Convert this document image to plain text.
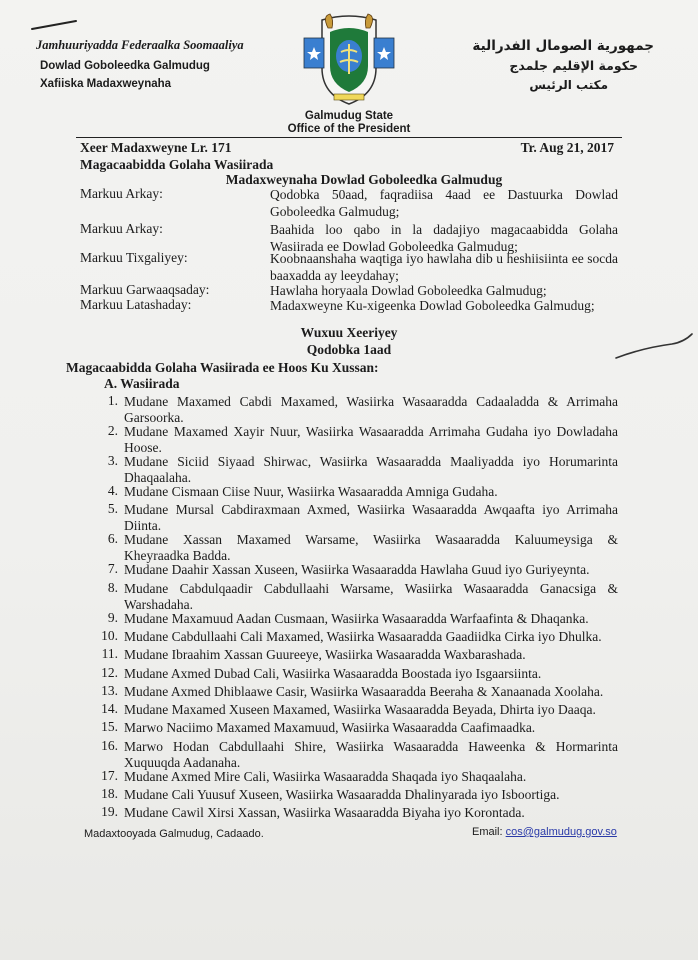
Jamhuuriyadda Federaalka Soomaaliya
Dowlad Goboleedka Galmudug
Xafiiska Madaxweynaha
جمهورية الصومال الفدرالية
حكومة الإقليم جلمدج
مكتب الرئيس
Galmudug State
Office of the President
Xeer Madaxweyne Lr. 171	Tr. Aug 21, 2017
Magacaabidda Golaha Wasiirada
Madaxweynaha Dowlad Goboleedka Galmudug
Markuu Arkay:	Qodobka 50aad, faqradiisa 4aad ee Dastuurka Dowlad Goboleedka Galmudug;
Markuu Arkay:	Baahida loo qabo in la dadajiyo magacaabidda Golaha Wasiirada ee Dowlad Goboleedka Galmudug;
Markuu Tixgaliyey:	Koobnaanshaha waqtiga iyo hawlaha dib u heshiisiinta ee socda baaxadda ay leeydahay;
Markuu Garwaaqsaday:	Hawlaha horyaala Dowlad Goboleedka Galmudug;
Markuu Latashaday:	Madaxweyne Ku-xigeenka Dowlad Goboleedka Galmudug;
Wuxuu Xeeriyey
Qodobka 1aad
Magacaabidda Golaha Wasiirada ee Hoos Ku Xussan:
A. Wasiirada
1. Mudane Maxamed Cabdi Maxamed, Wasiirka Wasaaradda Cadaaladda & Arrimaha
Garsoorka.
2. Mudane Maxamed Xayir Nuur, Wasiirka Wasaaradda Arrimaha Gudaha iyo Dowladaha
Hoose.
3. Mudane Siciid Siyaad Shirwac, Wasiirka Wasaaradda Maaliyadda iyo Horumarinta
Dhaqaalaha.
4. Mudane Cismaan Ciise Nuur, Wasiirka Wasaaradda Amniga Gudaha.
5. Mudane Mursal Cabdiraxmaan Axmed, Wasiirka Wasaaradda Awqaafta iyo Arrimaha
Diinta.
6. Mudane Xassan Maxamed Warsame, Wasiirka Wasaaradda Kaluumeysiga &
Kheyraadka Badda.
7. Mudane Daahir Xassan Xuseen, Wasiirka Wasaaradda Hawlaha Guud iyo Guriyeynta.
8. Mudane Cabdulqaadir Cabdullaahi Warsame, Wasiirka Wasaaradda Ganacsiga &
Warshadaha.
9. Mudane Maxamuud Aadan Cusmaan, Wasiirka Wasaaradda Warfaafinta & Dhaqanka.
10. Mudane Cabdullaahi Cali Maxamed, Wasiirka Wasaaradda Gaadiidka Cirka iyo Dhulka.
11. Mudane Ibraahim Xassan Guureeye, Wasiirka Wasaaradda Waxbarashada.
12. Mudane Axmed Dubad Cali, Wasiirka Wasaaradda Boostada iyo Isgaarsiinta.
13. Mudane Axmed Dhiblaawe Casir, Wasiirka Wasaaradda Beeraha & Xanaanada Xoolaha.
14. Mudane Maxamed Xuseen Maxamed, Wasiirka Wasaaradda Beyada, Dhirta iyo Daaqa.
15. Marwo Naciimo Maxamed Maxamuud, Wasiirka Wasaaradda Caafimaadka.
16. Marwo Hodan Cabdullaahi Shire, Wasiirka Wasaaradda Haweenka & Hormarinta
Xuquuqda Aadanaha.
17. Mudane Axmed Mire Cali, Wasiirka Wasaaradda Shaqada iyo Shaqaalaha.
18. Mudane Cali Yuusuf Xuseen, Wasiirka Wasaaradda Dhalinyarada iyo Isboortiga.
19. Mudane Cawil Xirsi Xassan, Wasiirka Wasaaradda Biyaha iyo Korontada.
Madaxtooyada Galmudug, Cadaado.	Email: cos@galmudug.gov.so
